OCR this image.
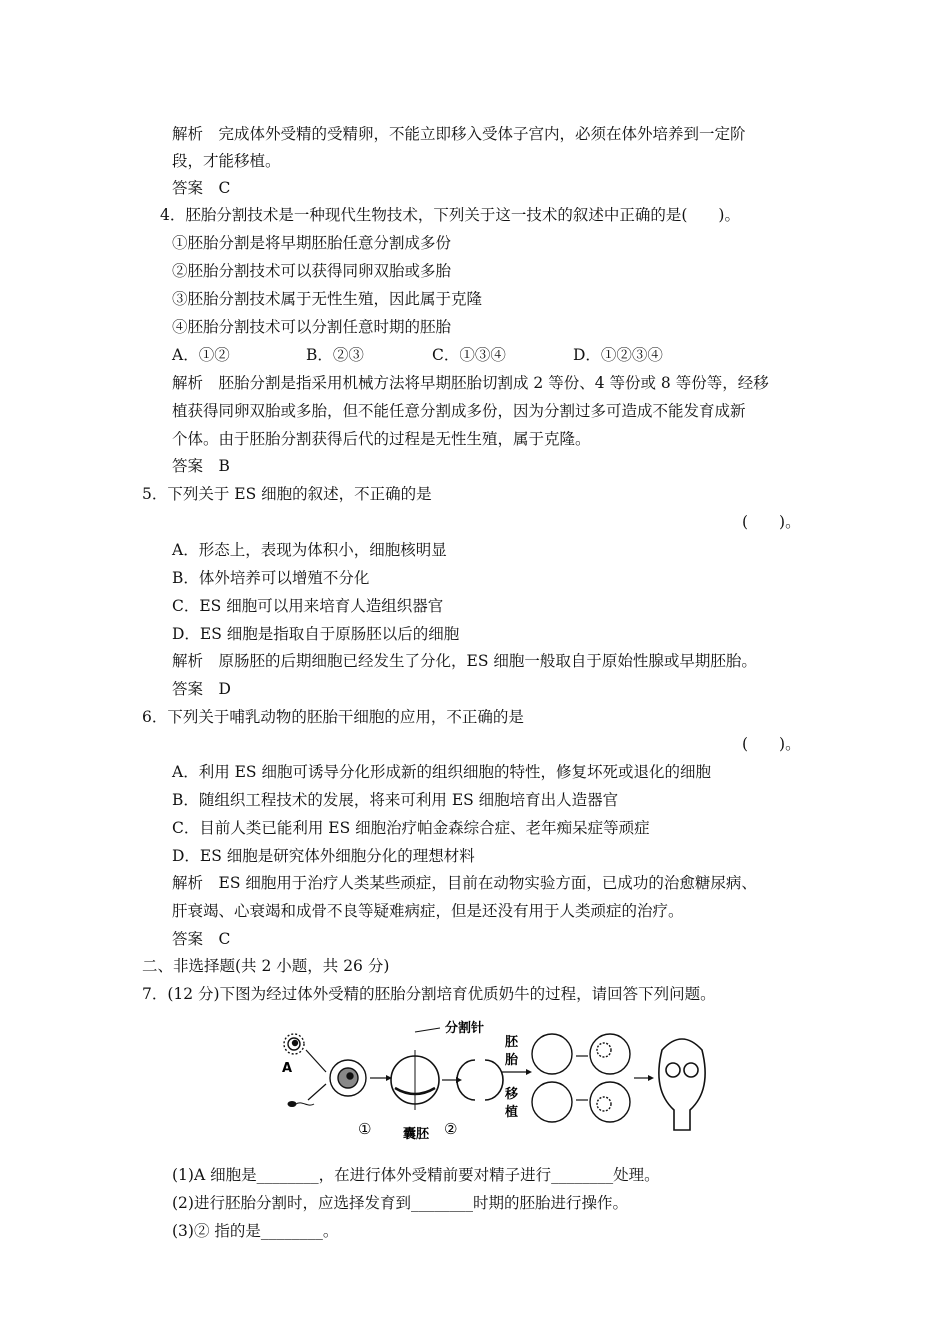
解析　完成体外受精的受精卵，不能立即移入受体子宫内，必须在体外培养到一定阶
段，才能移植。
答案　C
4．胚胎分割技术是一种现代生物技术，下列关于这一技术的叙述中正确的是(　　)。
①胚胎分割是将早期胚胎任意分割成多份
②胚胎分割技术可以获得同卵双胎或多胎
③胚胎分割技术属于无性生殖，因此属于克隆
④胚胎分割技术可以分割任意时期的胚胎
A．①②	B．②③	C．①③④	D．①②③④
解析　胚胎分割是指采用机械方法将早期胚胎切割成 2 等份、4 等份或 8 等份等，经移
植获得同卵双胎或多胎，但不能任意分割成多份，因为分割过多可造成不能发育成新
个体。由于胚胎分割获得后代的过程是无性生殖，属于克隆。
答案　B
5．下列关于 ES 细胞的叙述，不正确的是
(　　)。
A．形态上，表现为体积小，细胞核明显
B．体外培养可以增殖不分化
C．ES 细胞可以用来培育人造组织器官
D．ES 细胞是指取自于原肠胚以后的细胞
解析　原肠胚的后期细胞已经发生了分化，ES 细胞一般取自于原始性腺或早期胚胎。
答案　D
6．下列关于哺乳动物的胚胎干细胞的应用，不正确的是
(　　)。
A．利用 ES 细胞可诱导分化形成新的组织细胞的特性，修复坏死或退化的细胞
B．随组织工程技术的发展，将来可利用 ES 细胞培育出人造器官
C．目前人类已能利用 ES 细胞治疗帕金森综合症、老年痴呆症等顽症
D．ES 细胞是研究体外细胞分化的理想材料
解析　ES 细胞用于治疗人类某些顽症，目前在动物实验方面，已成功的治愈糖尿病、
肝衰竭、心衰竭和成骨不良等疑难病症，但是还没有用于人类顽症的治疗。
答案　C
二、非选择题(共 2 小题，共 26 分)
7．(12 分)下图为经过体外受精的胚胎分割培育优质奶牛的过程，请回答下列问题。
A
分割针
① 囊胚 ②
胚
胎
移
植
(1)A 细胞是________，在进行体外受精前要对精子进行________处理。
(2)进行胚胎分割时，应选择发育到________时期的胚胎进行操作。
(3)② 指的是________。
